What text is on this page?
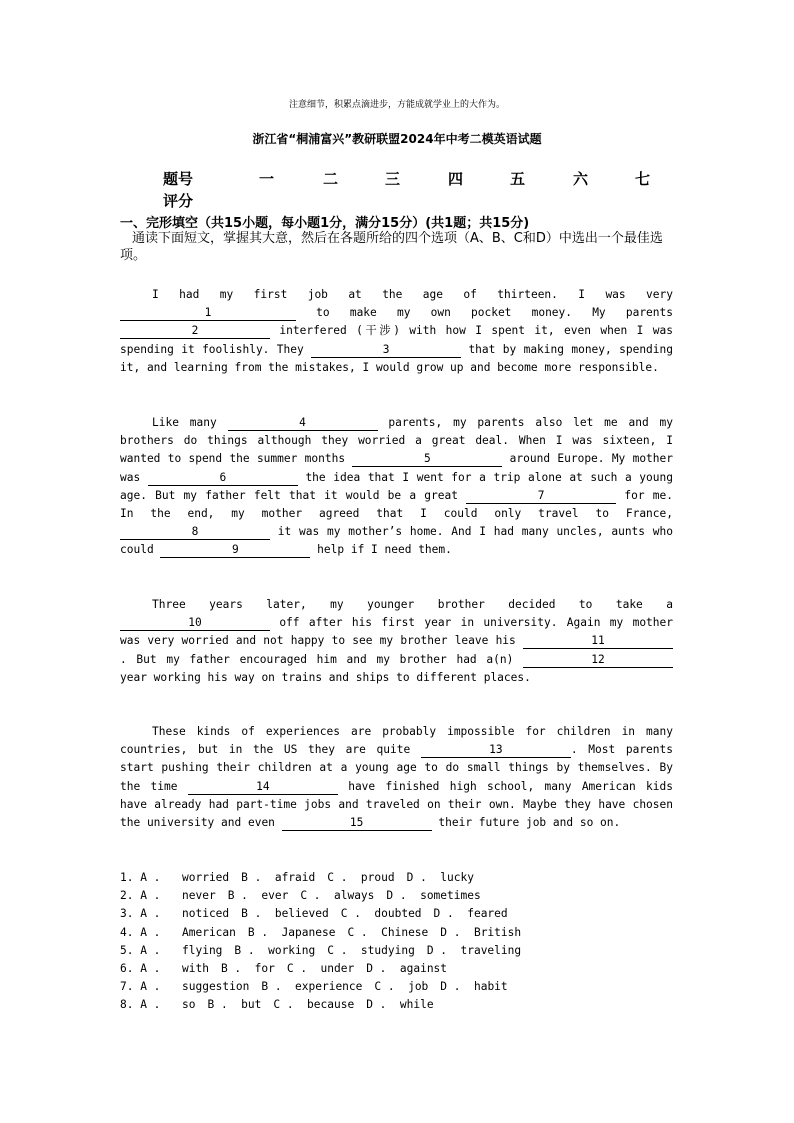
注意细节，积累点滴进步，方能成就学业上的大作为。
浙江省“桐浦富兴”教研联盟2024年中考二模英语试题
题号	一	二	三	四	五	六	七
评分
一、完形填空（共15小题，每小题1分，满分15分）(共1题；共15分)
通读下面短文，掌握其大意，然后在各题所给的四个选项（A、B、C和D）中选出一个最佳选项。

I had my first job at the age of thirteen. I was very 1	to make my own pocket money. My parents 2	interfered (干涉) with how I spent it, even when I was spending it foolishly. They	3	that by making money, spending it, and learning from the mistakes, I would grow up and become more responsible.

Like many	4	parents, my parents also let me and my brothers do things although they worried a great deal. When I was sixteen, I wanted to spend the summer months	5	around Europe. My mother was	6	the idea that I went for a trip alone at such a young age. But my father felt that it would be a great	7	for me. In the end, my mother agreed that I could only travel to France, 8	it was my mother’s home. And I had many uncles, aunts who could	9	help if I need them.

Three years later, my younger brother decided to take a 10	off after his first year in university. Again my mother was very worried and not happy to see my brother leave his	11. But my father encouraged him and my brother had a(n)	12 year working his way on trains and ships to different places.

These kinds of experiences are probably impossible for children in many countries, but in the US they are quite	13	. Most parents start pushing their children at a young age to do small things by themselves. By the time	14	have finished high school, many American kids have already had part-time jobs and traveled on their own. Maybe they have chosen the university and even	15	their future job and so on.

1. A . worried B .  afraid C .  proud D .  lucky
2. A . never B .  ever C .  always D .  sometimes
3. A . noticed B .  believed C .  doubted D .  feared
4. A . American B .  Japanese C .  Chinese D .  British
5. A . flying B .  working C .  studying D .  traveling
6. A . with B .  for C .  under D .  against
7. A . suggestion B .  experience C .  job D .  habit
8. A . so B .  but C .  because D .  while
